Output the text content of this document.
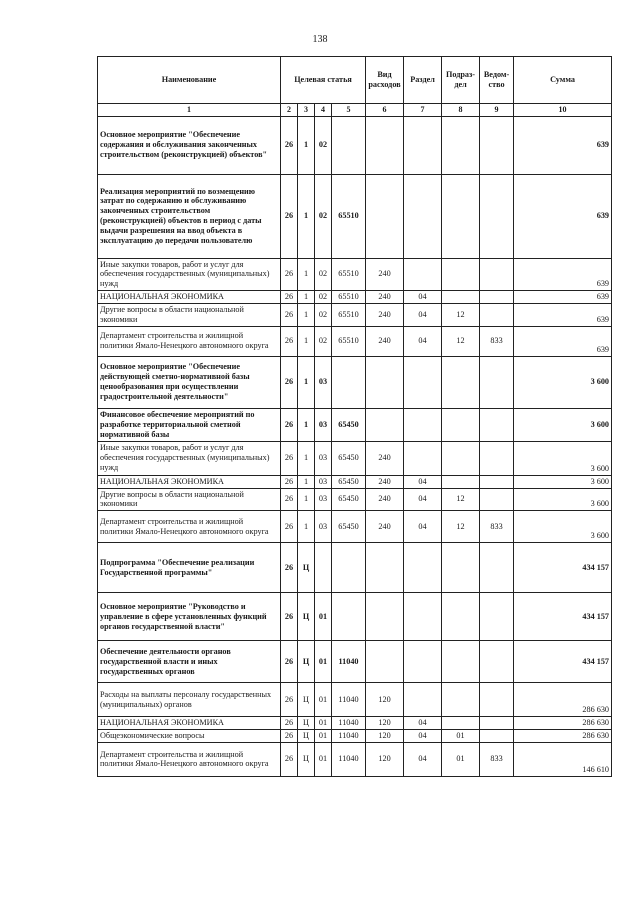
138
Наименование	Целевая статья				Вид расходов	Раздел	Подраз-дел	Ведом-ство	Сумма
1	2	3	4	5	6	7	8	9	10
Основное мероприятие "Обеспечение содержания и обслуживания законченных строительством (реконструкцией) объектов"	26	1	02						639
Реализация мероприятий по возмещению затрат по содержанию и обслуживанию законченных строительством (реконструкцией) объектов в период с даты выдачи разрешения на ввод объекта в эксплуатацию до передачи пользователю	26	1	02	65510					639
Иные закупки товаров, работ и услуг для обеспечения государственных (муниципальных) нужд	26	1	02	65510	240				639
НАЦИОНАЛЬНАЯ ЭКОНОМИКА	26	1	02	65510	240	04			639
Другие вопросы в области национальной экономики	26	1	02	65510	240	04	12		639
Департамент строительства и жилищной политики Ямало-Ненецкого автономного округа	26	1	02	65510	240	04	12	833	639
Основное мероприятие "Обеспечение действующей сметно-нормативной базы ценообразования при осуществлении градостроительной деятельности"	26	1	03						3 600
Финансовое обеспечение мероприятий по разработке территориальной сметной нормативной базы	26	1	03	65450					3 600
Иные закупки товаров, работ и услуг для обеспечения государственных (муниципальных) нужд	26	1	03	65450	240				3 600
НАЦИОНАЛЬНАЯ ЭКОНОМИКА	26	1	03	65450	240	04			3 600
Другие вопросы в области национальной экономики	26	1	03	65450	240	04	12		3 600
Департамент строительства и жилищной политики Ямало-Ненецкого автономного округа	26	1	03	65450	240	04	12	833	3 600
Подпрограмма "Обеспечение реализации Государственной программы"	26	Ц							434 157
Основное мероприятие "Руководство и управление в сфере установленных функций органов государственной власти"	26	Ц	01						434 157
Обеспечение деятельности органов государственной власти и иных государственных органов	26	Ц	01	11040					434 157
Расходы на выплаты персоналу государственных (муниципальных) органов	26	Ц	01	11040	120				286 630
НАЦИОНАЛЬНАЯ ЭКОНОМИКА	26	Ц	01	11040	120	04			286 630
Общеэкономические вопросы	26	Ц	01	11040	120	04	01		286 630
Департамент строительства и жилищной политики Ямало-Ненецкого автономного округа	26	Ц	01	11040	120	04	01	833	146 610
